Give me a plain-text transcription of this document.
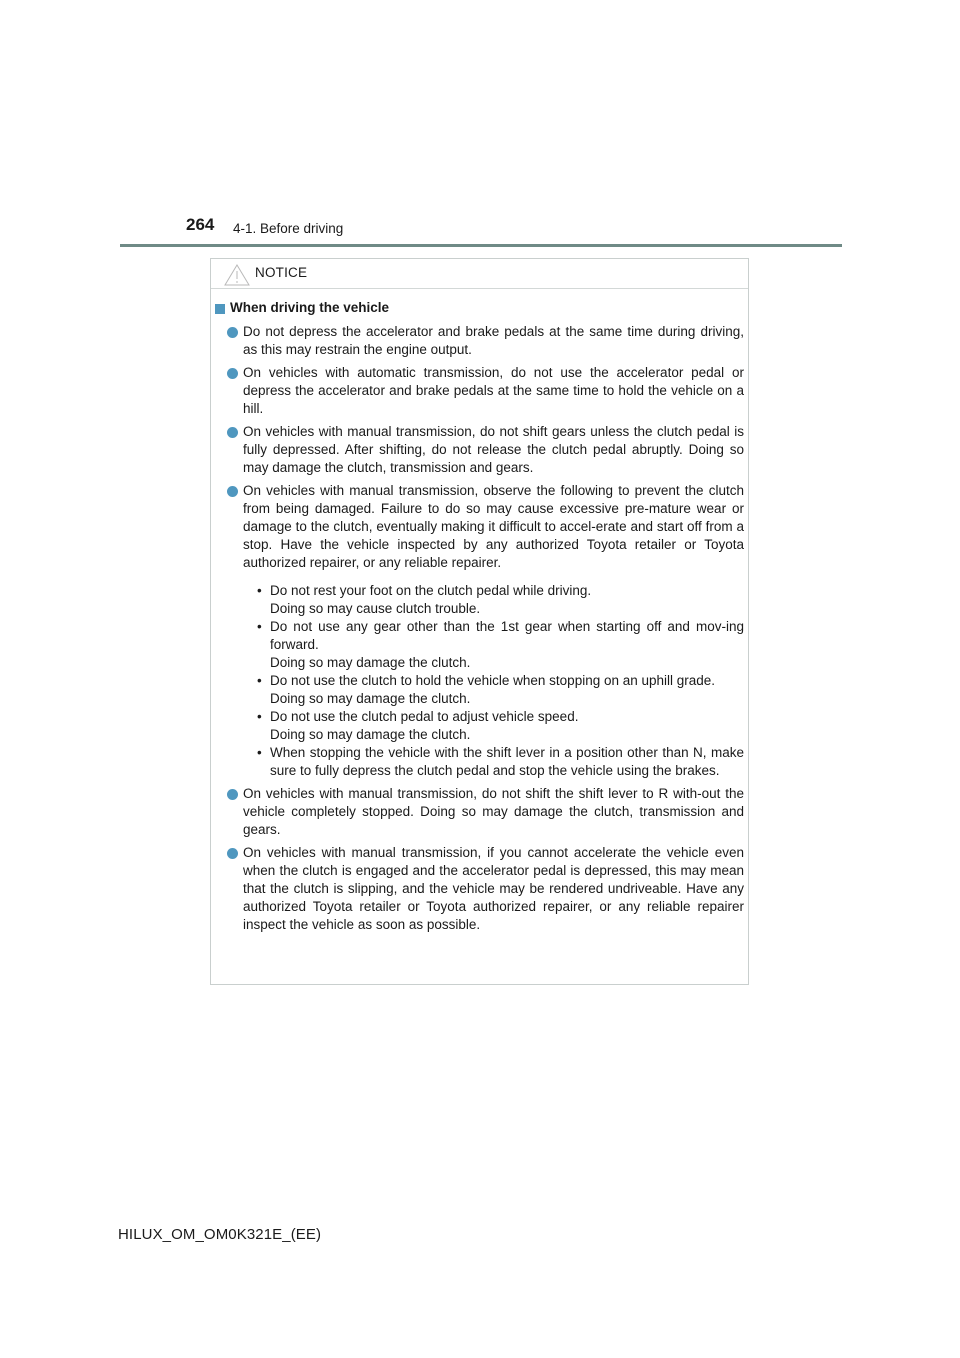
264 4-1. Before driving
NOTICE
When driving the vehicle
Do not depress the accelerator and brake pedals at the same time during driving, as this may restrain the engine output.
On vehicles with automatic transmission, do not use the accelerator pedal or depress the accelerator and brake pedals at the same time to hold the vehicle on a hill.
On vehicles with manual transmission, do not shift gears unless the clutch pedal is fully depressed. After shifting, do not release the clutch pedal abruptly. Doing so may damage the clutch, transmission and gears.
On vehicles with manual transmission, observe the following to prevent the clutch from being damaged. Failure to do so may cause excessive pre-mature wear or damage to the clutch, eventually making it difficult to accel-erate and start off from a stop. Have the vehicle inspected by any authorized Toyota retailer or Toyota authorized repairer, or any reliable repairer.
• Do not rest your foot on the clutch pedal while driving.
Doing so may cause clutch trouble.
• Do not use any gear other than the 1st gear when starting off and mov-ing forward.
Doing so may damage the clutch.
• Do not use the clutch to hold the vehicle when stopping on an uphill grade.
Doing so may damage the clutch.
• Do not use the clutch pedal to adjust vehicle speed.
Doing so may damage the clutch.
• When stopping the vehicle with the shift lever in a position other than N, make sure to fully depress the clutch pedal and stop the vehicle using the brakes.
On vehicles with manual transmission, do not shift the shift lever to R with-out the vehicle completely stopped. Doing so may damage the clutch, transmission and gears.
On vehicles with manual transmission, if you cannot accelerate the vehicle even when the clutch is engaged and the accelerator pedal is depressed, this may mean that the clutch is slipping, and the vehicle may be rendered undriveable. Have any authorized Toyota retailer or Toyota authorized repairer, or any reliable repairer inspect the vehicle as soon as possible.
HILUX_OM_OM0K321E_(EE)
